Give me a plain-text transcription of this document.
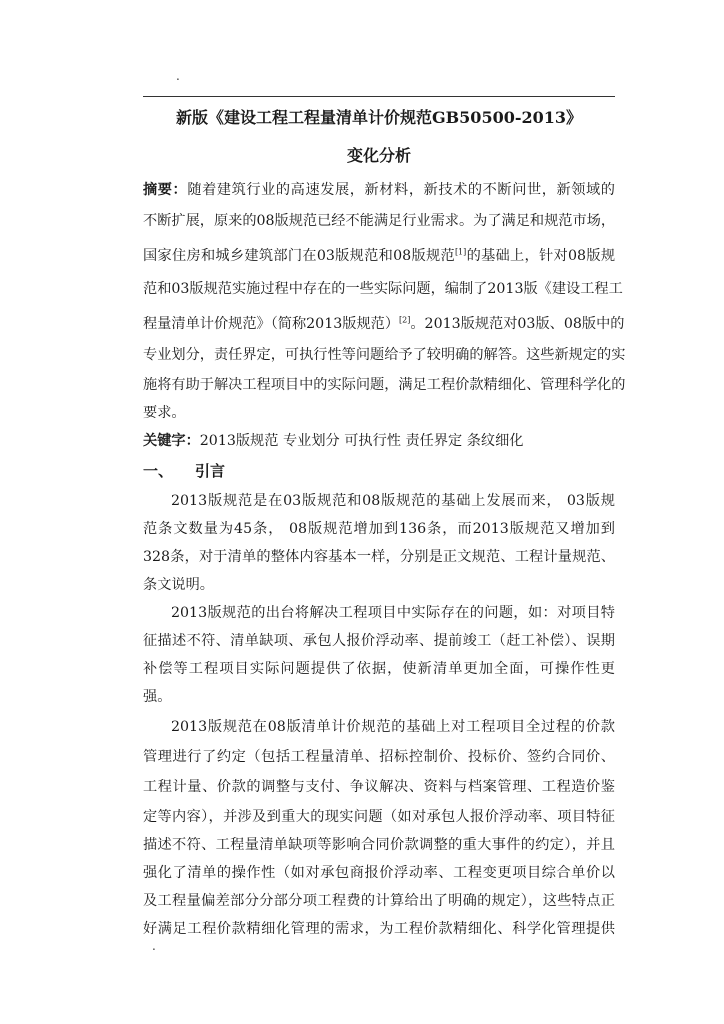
.
.
新版《建设工程工程量清单计价规范GB50500-2013》
变化分析
摘要：随着建筑行业的高速发展，新材料，新技术的不断问世，新领域的
不断扩展，原来的08版规范已经不能满足行业需求。为了满足和规范市场，
国家住房和城乡建筑部门在03版规范和08版规范[1]的基础上，针对08版规
范和03版规范实施过程中存在的一些实际问题，编制了2013版《建设工程工
程量清单计价规范》（简称2013版规范）[2]。2013版规范对03版、08版中的
专业划分，责任界定，可执行性等问题给予了较明确的解答。这些新规定的实
施将有助于解决工程项目中的实际问题，满足工程价款精细化、管理科学化的
要求。
关键字：2013版规范 专业划分 可执行性 责任界定 条纹细化
一、 引言
2013版规范是在03版规范和08版规范的基础上发展而来， 03版规
范条文数量为45条， 08版规范增加到136条，而2013版规范又增加到
328条，对于清单的整体内容基本一样，分别是正文规范、工程计量规范、
条文说明。
2013版规范的出台将解决工程项目中实际存在的问题，如：对项目特
征描述不符、清单缺项、承包人报价浮动率、提前竣工（赶工补偿）、误期
补偿等工程项目实际问题提供了依据，使新清单更加全面，可操作性更
强。
2013版规范在08版清单计价规范的基础上对工程项目全过程的价款
管理进行了约定（包括工程量清单、招标控制价、投标价、签约合同价、
工程计量、价款的调整与支付、争议解决、资料与档案管理、工程造价鉴
定等内容），并涉及到重大的现实问题（如对承包人报价浮动率、项目特征
描述不符、工程量清单缺项等影响合同价款调整的重大事件的约定），并且
强化了清单的操作性（如对承包商报价浮动率、工程变更项目综合单价以
及工程量偏差部分分部分项工程费的计算给出了明确的规定），这些特点正
好满足工程价款精细化管理的需求，为工程价款精细化、科学化管理提供
